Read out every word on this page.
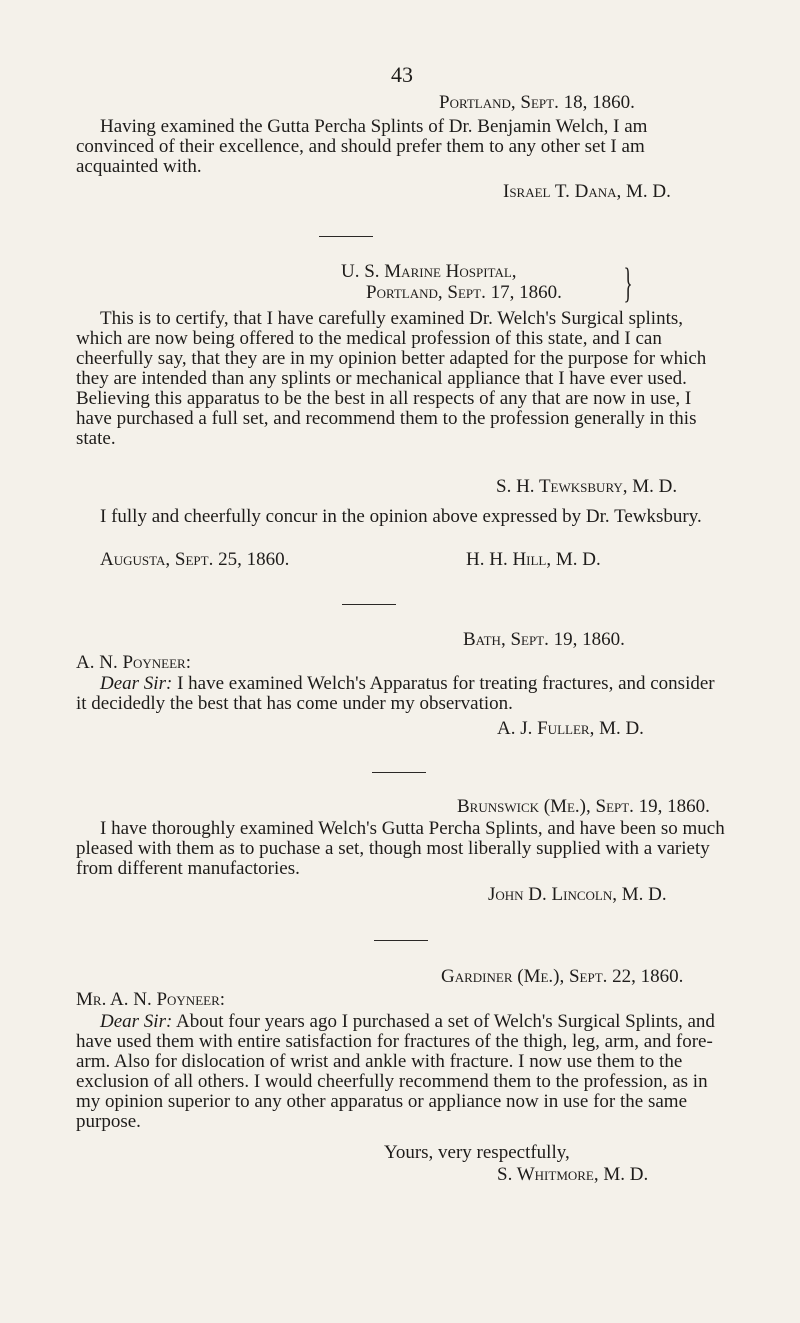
43
Portland, Sept. 18, 1860.

Having examined the Gutta Percha Splints of Dr. Benjamin Welch, I am convinced of their excellence, and should prefer them to any other set I am acquainted with.

Israel T. Dana, M. D.
U. S. Marine Hospital,
Portland, Sept. 17, 1860. }

This is to certify, that I have carefully examined Dr. Welch's Surgical splints, which are now being offered to the medical profession of this state, and I can cheerfully say, that they are in my opinion better adapted for the purpose for which they are intended than any splints or mechanical appliance that I have ever used. Believing this apparatus to be the best in all respects of any that are now in use, I have purchased a full set, and recommend them to the profession generally in this state.

S. H. Tewksbury, M. D.

I fully and cheerfully concur in the opinion above expressed by Dr. Tewksbury.

Augusta, Sept. 25, 1860.	H. H. Hill, M. D.
Bath, Sept. 19, 1860.
A. N. Poyneer:

Dear Sir: I have examined Welch's Apparatus for treating fractures, and consider it decidedly the best that has come under my observation.

A. J. Fuller, M. D.
Brunswick (Me.), Sept. 19, 1860.

I have thoroughly examined Welch's Gutta Percha Splints, and have been so much pleased with them as to puchase a set, though most liberally supplied with a variety from different manufactories.

John D. Lincoln, M. D.
Gardiner (Me.), Sept. 22, 1860.
Mr. A. N. Poyneer:

Dear Sir: About four years ago I purchased a set of Welch's Surgical Splints, and have used them with entire satisfaction for fractures of the thigh, leg, arm, and fore-arm. Also for dislocation of wrist and ankle with fracture. I now use them to the exclusion of all others. I would cheerfully recommend them to the profession, as in my opinion superior to any other apparatus or appliance now in use for the same purpose.

Yours, very respectfully,
S. Whitmore, M. D.
